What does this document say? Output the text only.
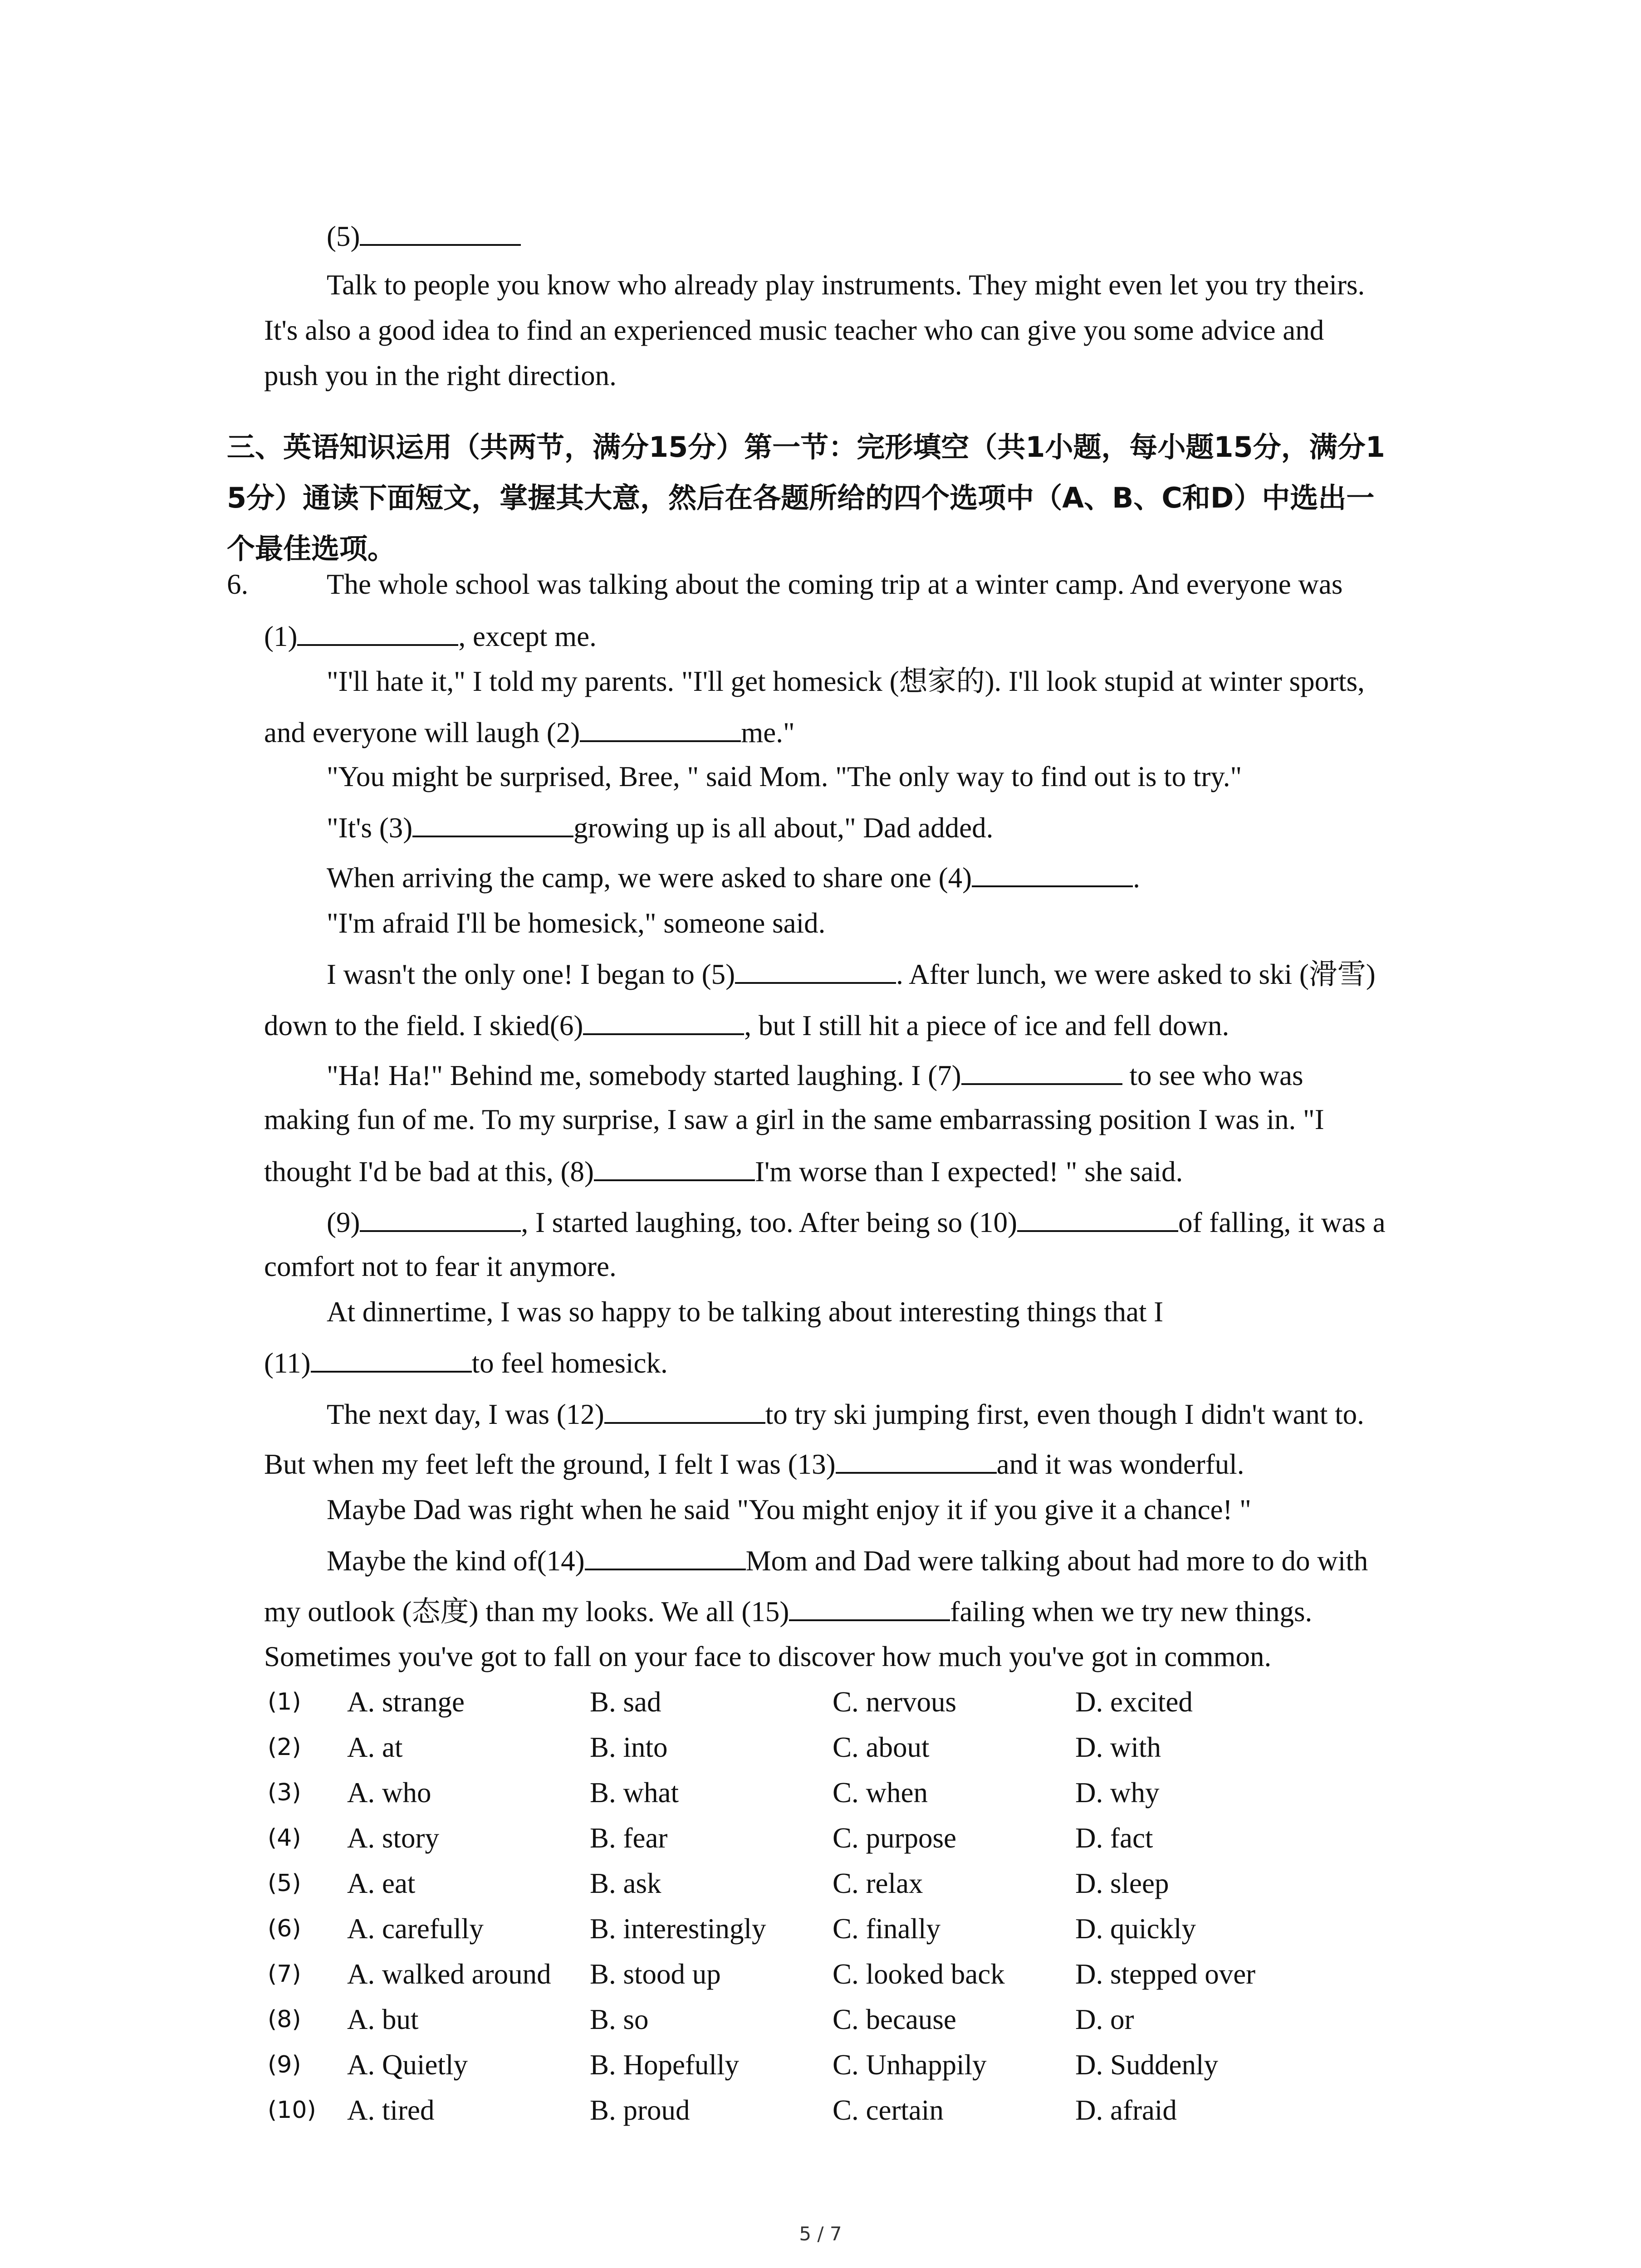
(5)
Talk to people you know who already play instruments. They might even let you try theirs.
It's also a good idea to find an experienced music teacher who can give you some advice and
push you in the right direction.
三、英语知识运用（共两节，满分15分）第一节：完形填空（共1小题，每小题15分，满分1
5分）通读下面短文，掌握其大意，然后在各题所给的四个选项中（A、B、C和D）中选出一
个最佳选项。
6.	The whole school was talking about the coming trip at a winter camp. And everyone was
(1)	, except me.
"I'll hate it," I told my parents. "I'll get homesick (想家的). I'll look stupid at winter sports,
and everyone will laugh (2)	me."
"You might be surprised, Bree, " said Mom. "The only way to find out is to try."
"It's (3)	growing up is all about," Dad added.
When arriving the camp, we were asked to share one (4)	.
"I'm afraid I'll be homesick," someone said.
I wasn't the only one! I began to (5)	. After lunch, we were asked to ski (滑雪)
down to the field. I skied(6)	, but I still hit a piece of ice and fell down.
"Ha! Ha!" Behind me, somebody started laughing. I (7)	to see who was
making fun of me. To my surprise, I saw a girl in the same embarrassing position I was in. "I
thought I'd be bad at this, (8)	I'm worse than I expected! " she said.
(9)	, I started laughing, too. After being so (10)	of falling, it was a
comfort not to fear it anymore.
At dinnertime, I was so happy to be talking about interesting things that I
(11)	to feel homesick.
The next day, I was (12)	to try ski jumping first, even though I didn't want to.
But when my feet left the ground, I felt I was (13)	and it was wonderful.
Maybe Dad was right when he said "You might enjoy it if you give it a chance! "
Maybe the kind of(14)	Mom and Dad were talking about had more to do with
my outlook (态度) than my looks. We all (15)	failing when we try new things.
Sometimes you've got to fall on your face to discover how much you've got in common.
(1) A. strange	B. sad	C. nervous	D. excited
(2) A. at	B. into	C. about	D. with
(3) A. who	B. what	C. when	D. why
(4) A. story	B. fear	C. purpose	D. fact
(5) A. eat	B. ask	C. relax	D. sleep
(6) A. carefully	B. interestingly C. finally	D. quickly
(7) A. walked around B. stood up	C. looked back D. stepped over
(8) A. but	B. so	C. because	D. or
(9) A. Quietly	B. Hopefully	C. Unhappily	D. Suddenly
(10) A. tired	B. proud	C. certain	D. afraid
5 / 7
